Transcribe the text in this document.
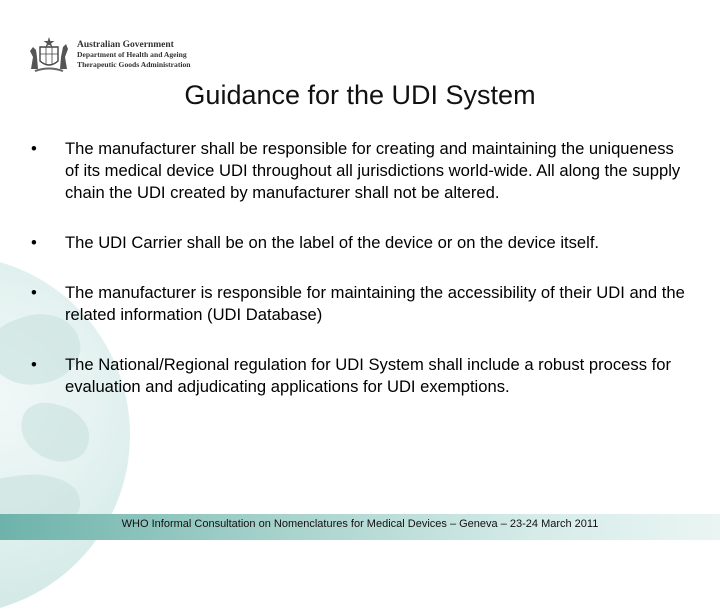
Australian Government
Department of Health and Ageing
Therapeutic Goods Administration
Guidance for the UDI System
•	The manufacturer shall be responsible for creating and maintaining the uniqueness of its medical device UDI throughout all jurisdictions world-wide. All along the supply chain the UDI created by manufacturer shall not be altered.
•	The UDI Carrier shall be on the label of the device or on the device itself.
•	The manufacturer is responsible for maintaining the accessibility of their UDI and the related information (UDI Database)
•	The National/Regional regulation for UDI System shall include a robust process for evaluation and adjudicating applications for UDI exemptions.
WHO Informal Consultation on Nomenclatures for Medical Devices – Geneva – 23-24 March 2011
